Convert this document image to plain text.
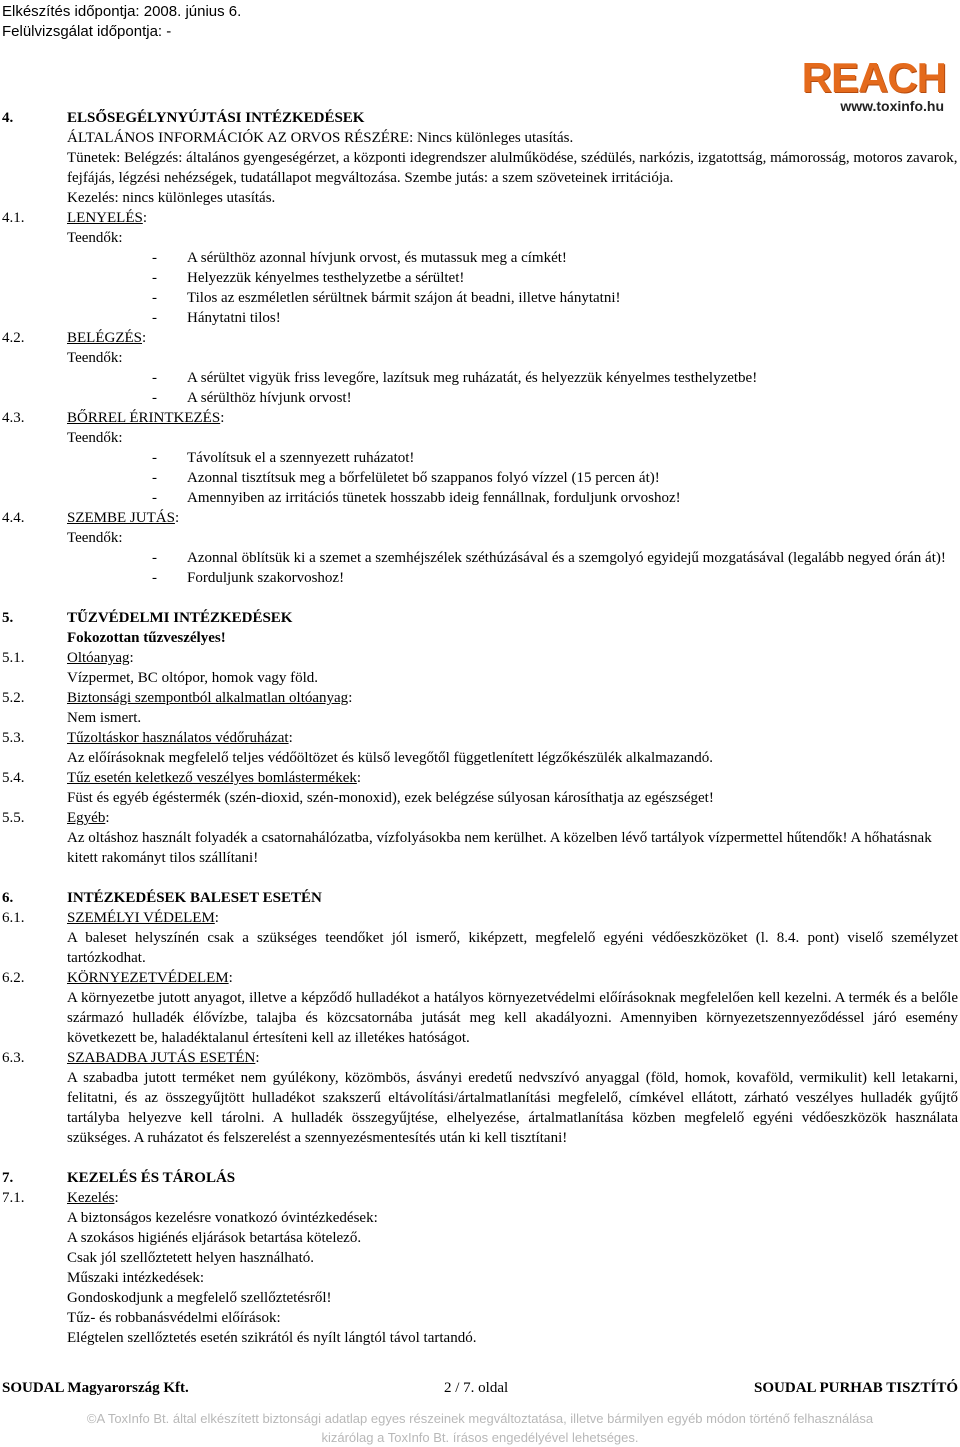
Elkészítés időpontja: 2008. június 6.
Felülvizsgálat időpontja: -
REACH
www.toxinfo.hu
4.	ELSŐSEGÉLYNYÚJTÁSI INTÉZKEDÉSEK
ÁLTALÁNOS INFORMÁCIÓK AZ ORVOS RÉSZÉRE: Nincs különleges utasítás.
Tünetek: Belégzés: általános gyengeségérzet, a központi idegrendszer alulműködése, szédülés, narkózis, izgatottság, mámorosság, motoros zavarok, fejfájás, légzési nehézségek, tudatállapot megváltozása. Szembe jutás: a szem szöveteinek irritációja.
Kezelés: nincs különleges utasítás.
4.1.	LENYELÉS:
Teendők:
- A sérülthöz azonnal hívjunk orvost, és mutassuk meg a címkét!
- Helyezzük kényelmes testhelyzetbe a sérültet!
- Tilos az eszméletlen sérültnek bármit szájon át beadni, illetve hánytatni!
- Hánytatni tilos!
4.2.	BELÉGZÉS:
Teendők:
- A sérültet vigyük friss levegőre, lazítsuk meg ruházatát, és helyezzük kényelmes testhelyzetbe!
- A sérülthöz hívjunk orvost!
4.3.	BŐRREL ÉRINTKEZÉS:
Teendők:
- Távolítsuk el a szennyezett ruházatot!
- Azonnal tisztítsuk meg a bőrfelületet bő szappanos folyó vízzel (15 percen át)!
- Amennyiben az irritációs tünetek hosszabb ideig fennállnak, forduljunk orvoshoz!
4.4.	SZEMBE JUTÁS:
Teendők:
- Azonnal öblítsük ki a szemet a szemhéjszélek széthúzásával és a szemgolyó egyidejű mozgatásával (legalább negyed órán át)!
- Forduljunk szakorvoshoz!
5.	TŰZVÉDELMI INTÉZKEDÉSEK
Fokozottan tűzveszélyes!
5.1.	Oltóanyag:
Vízpermet, BC oltópor, homok vagy föld.
5.2.	Biztonsági szempontból alkalmatlan oltóanyag:
Nem ismert.
5.3.	Tűzoltáskor használatos védőruházat:
Az előírásoknak megfelelő teljes védőöltözet és külső levegőtől függetlenített légzőkészülék alkalmazandó.
5.4.	Tűz esetén keletkező veszélyes bomlástermékek:
Füst és egyéb égéstermék (szén-dioxid, szén-monoxid), ezek belégzése súlyosan károsíthatja az egészséget!
5.5.	Egyéb:
Az oltáshoz használt folyadék a csatornahálózatba, vízfolyásokba nem kerülhet. A közelben lévő tartályok vízpermettel hűtendők! A hőhatásnak kitett rakományt tilos szállítani!
6.	INTÉZKEDÉSEK BALESET ESETÉN
6.1.	SZEMÉLYI VÉDELEM:
A baleset helyszínén csak a szükséges teendőket jól ismerő, kiképzett, megfelelő egyéni védőeszközöket (l. 8.4. pont) viselő személyzet tartózkodhat.
6.2.	KÖRNYEZETVÉDELEM:
A környezetbe jutott anyagot, illetve a képződő hulladékot a hatályos környezetvédelmi előírásoknak megfelelően kell kezelni. A termék és a belőle származó hulladék élővízbe, talajba és közcsatornába jutását meg kell akadályozni. Amennyiben környezetszennyeződéssel járó esemény következett be, haladéktalanul értesíteni kell az illetékes hatóságot.
6.3.	SZABADBA JUTÁS ESETÉN:
A szabadba jutott terméket nem gyúlékony, közömbös, ásványi eredetű nedvszívó anyaggal (föld, homok, kovaföld, vermikulit) kell letakarni, felitatni, és az összegyűjtött hulladékot szakszerű eltávolítási/ártalmatlanítási megfelelő, címkével ellátott, zárható veszélyes hulladék gyűjtő tartályba helyezve kell tárolni. A hulladék összegyűjtése, elhelyezése, ártalmatlanítása közben megfelelő egyéni védőeszközök használata szükséges. A ruházatot és felszerelést a szennyezésmentesítés után ki kell tisztítani!
7.	KEZELÉS ÉS TÁROLÁS
7.1.	Kezelés:
A biztonságos kezelésre vonatkozó óvintézkedések:
A szokásos higiénés eljárások betartása kötelező.
Csak jól szellőztetett helyen használható.
Műszaki intézkedések:
Gondoskodjunk a megfelelő szellőztetésről!
Tűz- és robbanásvédelmi előírások:
Elégtelen szellőztetés esetén szikrától és nyílt lángtól távol tartandó.
SOUDAL Magyarország Kft.	2 / 7. oldal	SOUDAL PURHAB TISZTÍTÓ
©A ToxInfo Bt. által elkészített biztonsági adatlap egyes részeinek megváltoztatása, illetve bármilyen egyéb módon történő felhasználása
kizárólag a ToxInfo Bt. írásos engedélyével lehetséges.
